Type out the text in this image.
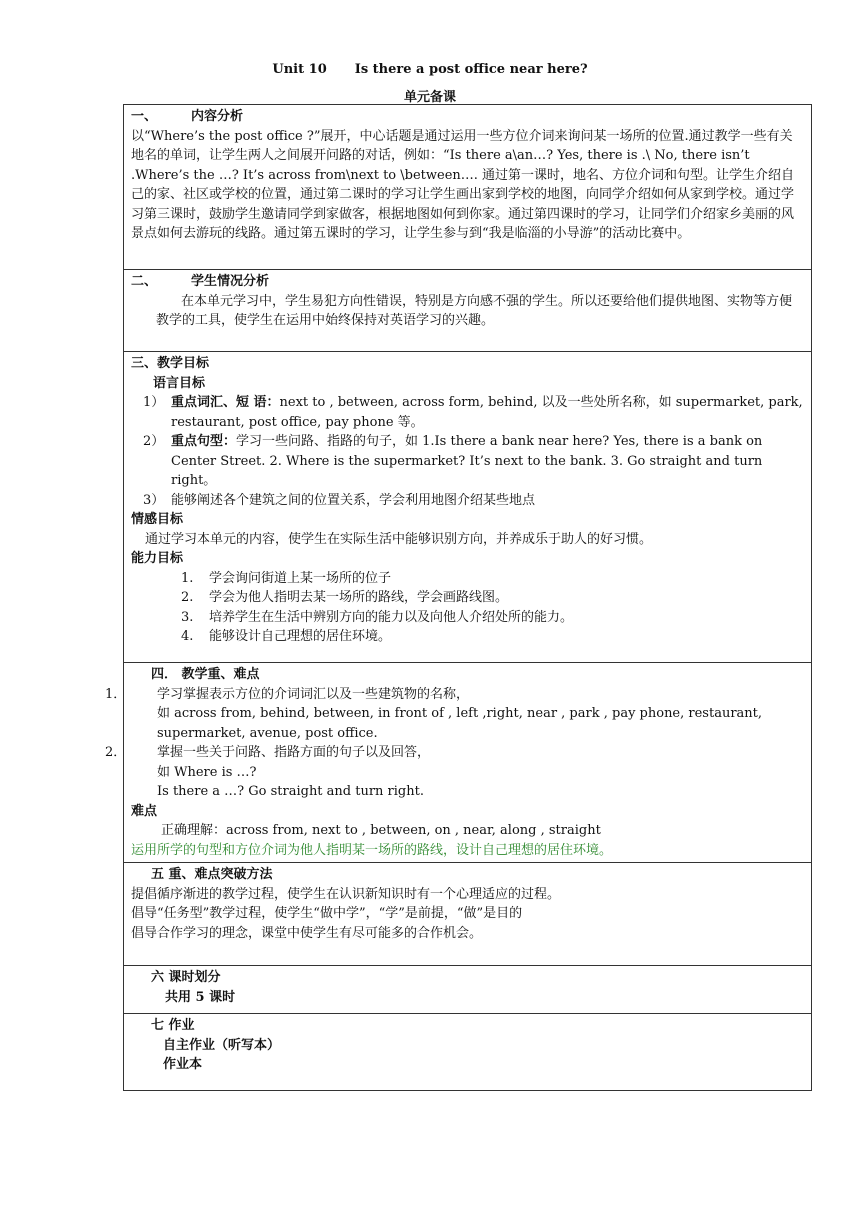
Unit 10 Is there a post office near here?
单元备课
一、	内容分析

以“Where’s the post office ?”展开，中心话题是通过运用一些方位介词来询问某一场所的位置.通过教学一些有关地名的单词，让学生两人之间展开问路的对话，例如：“Is there a\an…? Yes, there is .\ No, there isn’t .Where’s the …? It’s across from\next to \between…. 通过第一课时，地名、方位介词和句型。让学生介绍自己的家、社区或学校的位置，通过第二课时的学习让学生画出家到学校的地图，向同学介绍如何从家到学校。通过学习第三课时，鼓励学生邀请同学到家做客，根据地图如何到你家。通过第四课时的学习，让同学们介绍家乡美丽的风景点如何去游玩的线路。通过第五课时的学习，让学生参与到“我是临淄的小导游”的活动比赛中。

二、	学生情况分析

在本单元学习中，学生易犯方向性错误，特别是方向感不强的学生。所以还要给他们提供地图、实物等方便教学的工具，使学生在运用中始终保持对英语学习的兴趣。

三、教学目标
语言目标

1） 重点词汇、短 语：next to , between, across form, behind, 以及一些处所名称，如 supermarket, park, restaurant, post office, pay phone 等。

2） 重点句型：学习一些问路、指路的句子，如 1.Is there a bank near here? Yes, there is a bank on Center Street. 2. Where is the supermarket? It’s next to the bank. 3. Go straight and turn right。

3） 能够阐述各个建筑之间的位置关系，学会利用地图介绍某些地点

情感目标

通过学习本单元的内容，使学生在实际生活中能够识别方向，并养成乐于助人的好习惯。

能力目标

1. 学会询问街道上某一场所的位子

2. 学会为他人指明去某一场所的路线，学会画路线图。

3. 培养学生在生活中辨别方向的能力以及向他人介绍处所的能力。

4. 能够设计自己理想的居住环境。

四． 教学重、难点

1． 学习掌握表示方位的介词词汇以及一些建筑物的名称，

如 across from, behind, between, in front of , left ,right, near , park , pay phone, restaurant, supermarket, avenue, post office.

2． 掌握一些关于问路、指路方面的句子以及回答，

如 Where is …?

Is there a …? Go straight and turn right.

难点

正确理解：across from, next to , between, on , near, along , straight

运用所学的句型和方位介词为他人指明某一场所的路线，设计自己理想的居住环境。

五 重、难点突破方法

提倡循序渐进的教学过程，使学生在认识新知识时有一个心理适应的过程。

倡导“任务型”教学过程，使学生“做中学”，“学”是前提，“做”是目的

倡导合作学习的理念，课堂中使学生有尽可能多的合作机会。

六 课时划分

共用 5 课时

七 作业

自主作业（听写本）

作业本
